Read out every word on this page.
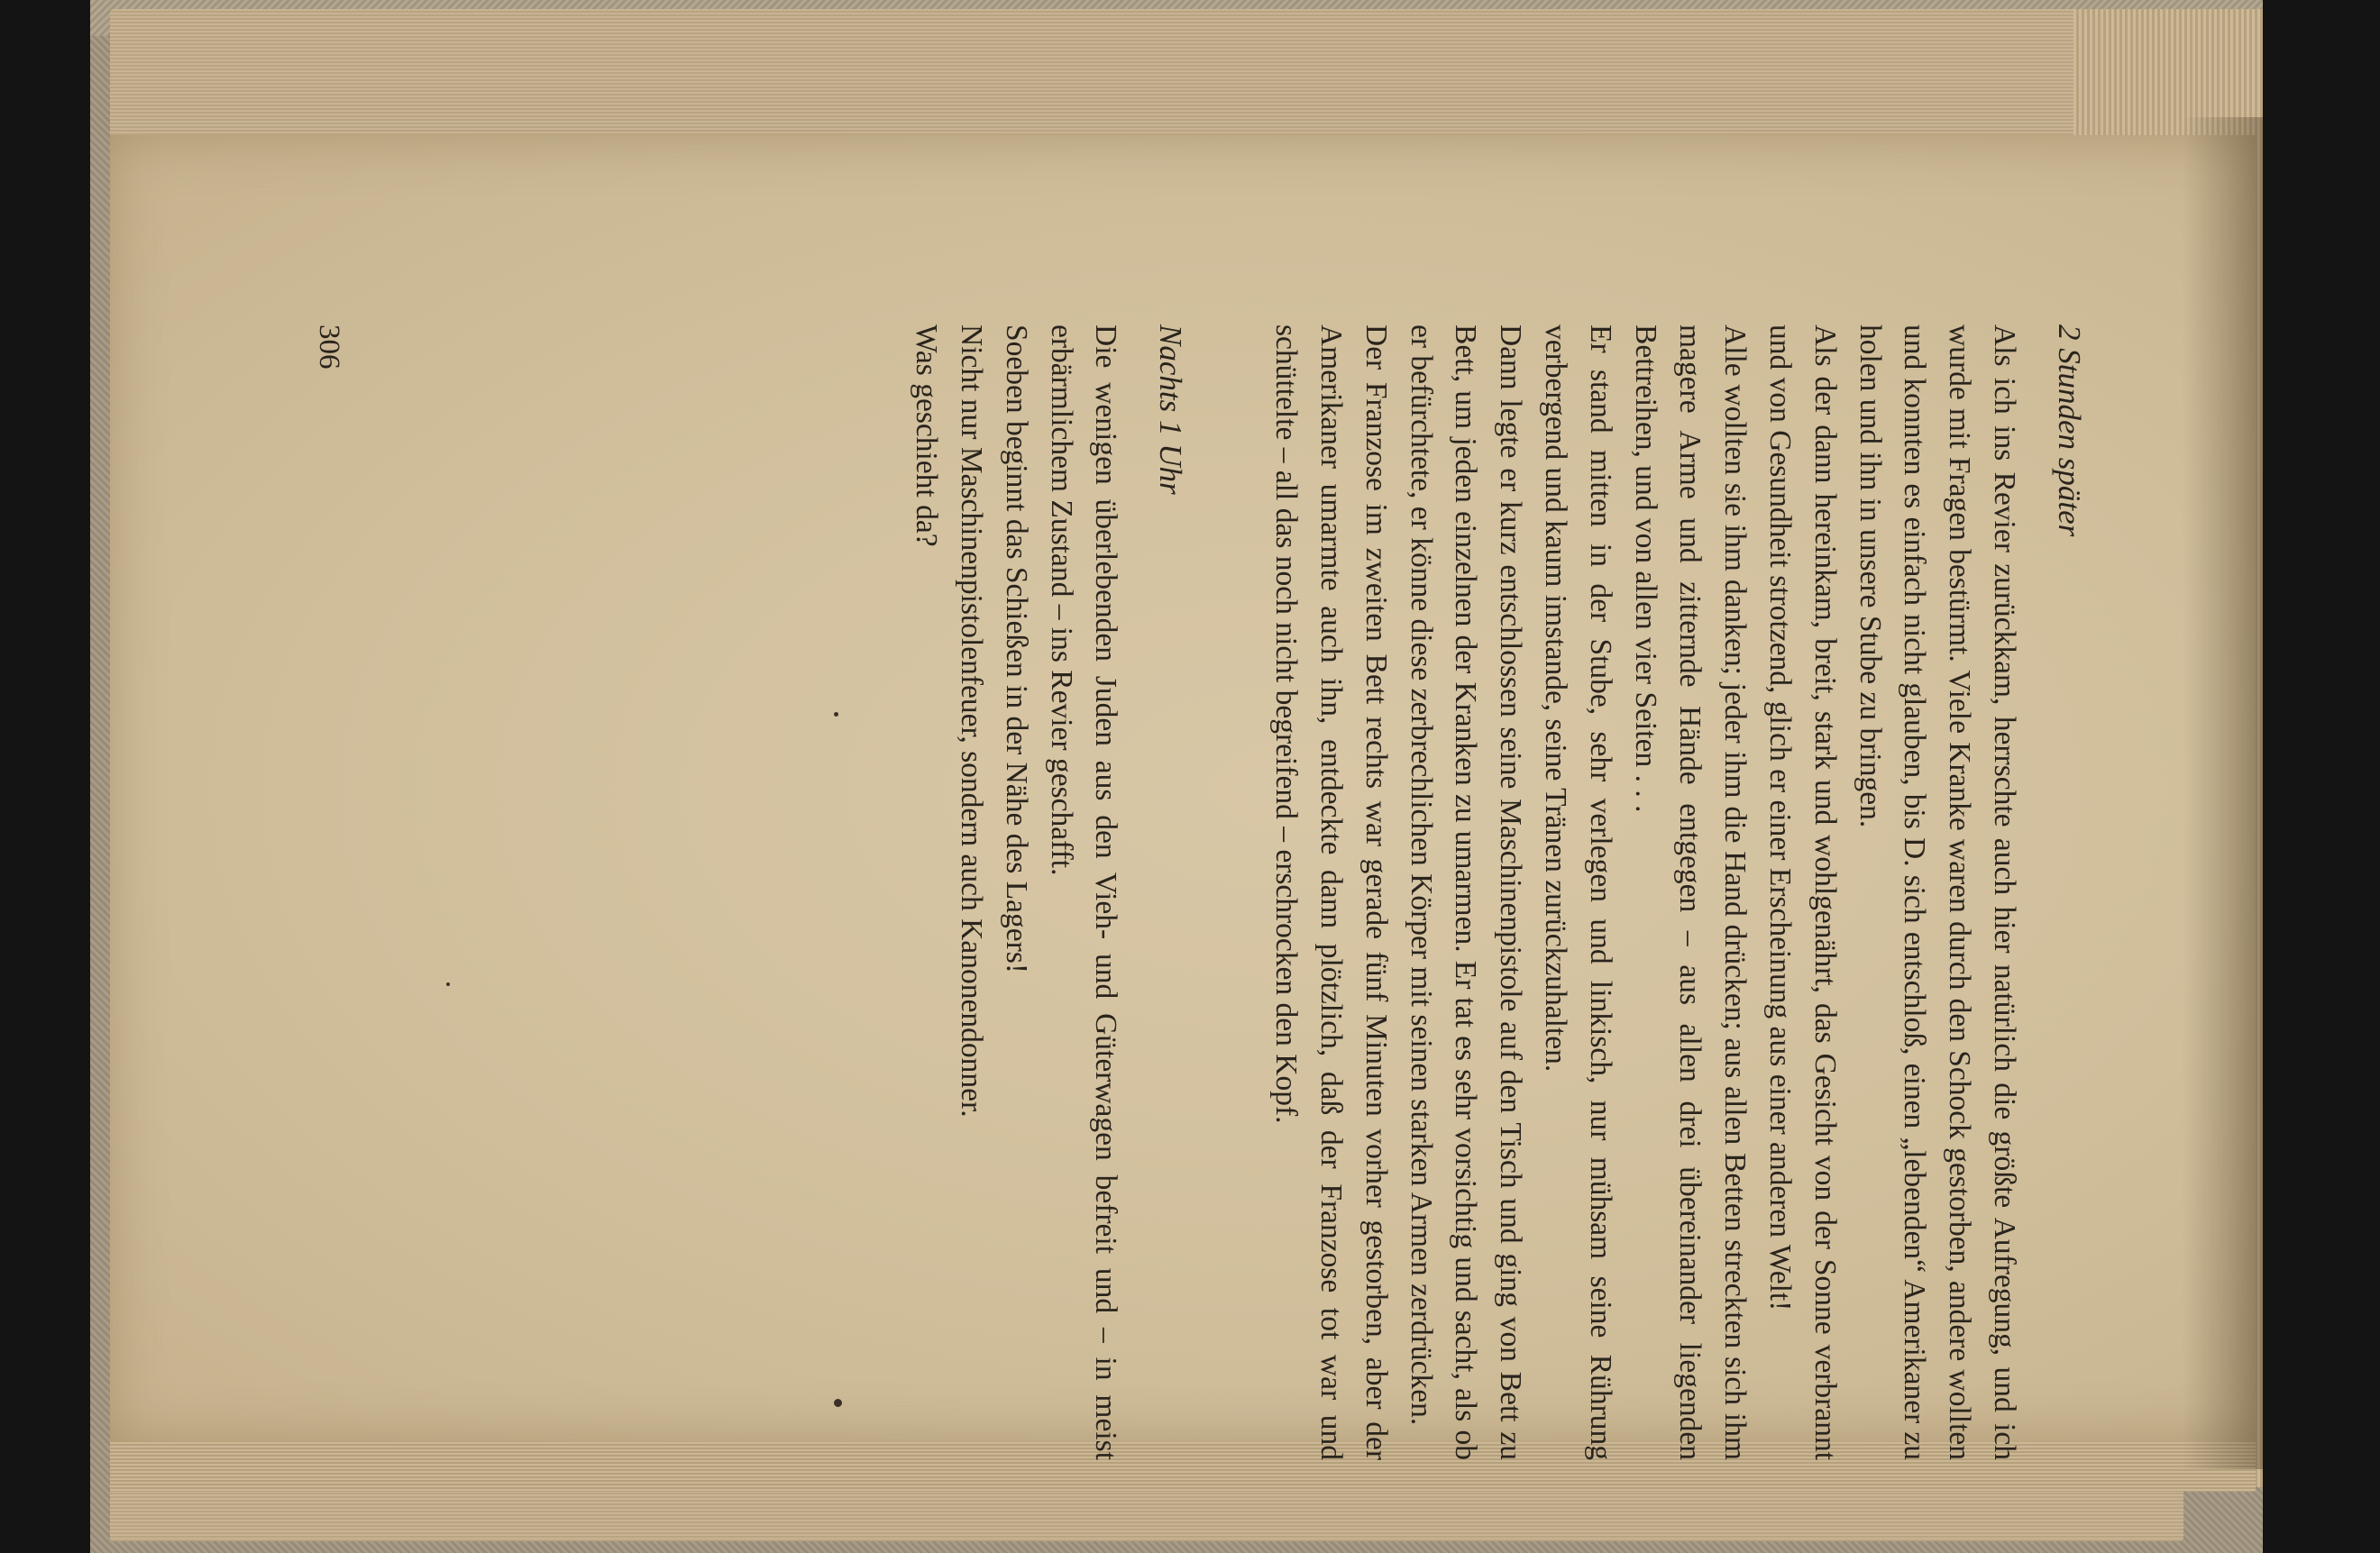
2 Stunden später

Als ich ins Revier zurückkam, herrschte auch hier natürlich die größte Aufregung, und ich wurde mit Fragen bestürmt. Viele Kranke waren durch den Schock gestorben, andere wollten und konnten es einfach nicht glauben, bis D. sich entschloß, einen „lebenden“ Amerikaner zu holen und ihn in unsere Stube zu bringen.

Als der dann hereinkam, breit, stark und wohlgenährt, das Gesicht von der Sonne verbrannt und von Gesundheit strotzend, glich er einer Erscheinung aus einer anderen Welt!

Alle wollten sie ihm danken; jeder ihm die Hand drücken; aus allen Betten streckten sich ihm magere Arme und zitternde Hände entgegen – aus allen drei übereinander liegenden Bettreihen, und von allen vier Seiten . . .

Er stand mitten in der Stube, sehr verlegen und linkisch, nur mühsam seine Rührung verbergend und kaum imstande, seine Tränen zurückzuhalten.

Dann legte er kurz entschlossen seine Maschinenpistole auf den Tisch und ging von Bett zu Bett, um jeden einzelnen der Kranken zu umarmen. Er tat es sehr vorsichtig und sacht, als ob er befürchtete, er könne diese zerbrechlichen Körper mit seinen starken Armen zerdrücken.

Der Franzose im zweiten Bett rechts war gerade fünf Minuten vorher gestorben, aber der Amerikaner umarmte auch ihn, entdeckte dann plötzlich, daß der Franzose tot war und schüttelte – all das noch nicht begreifend – erschrocken den Kopf.

Nachts 1 Uhr

Die wenigen überlebenden Juden aus den Vieh- und Güterwagen befreit und – in meist erbärmlichem Zustand – ins Revier geschafft.

Soeben beginnt das Schießen in der Nähe des Lagers!

Nicht nur Maschinenpistolenfeuer, sondern auch Kanonendonner.

Was geschieht da?

306
